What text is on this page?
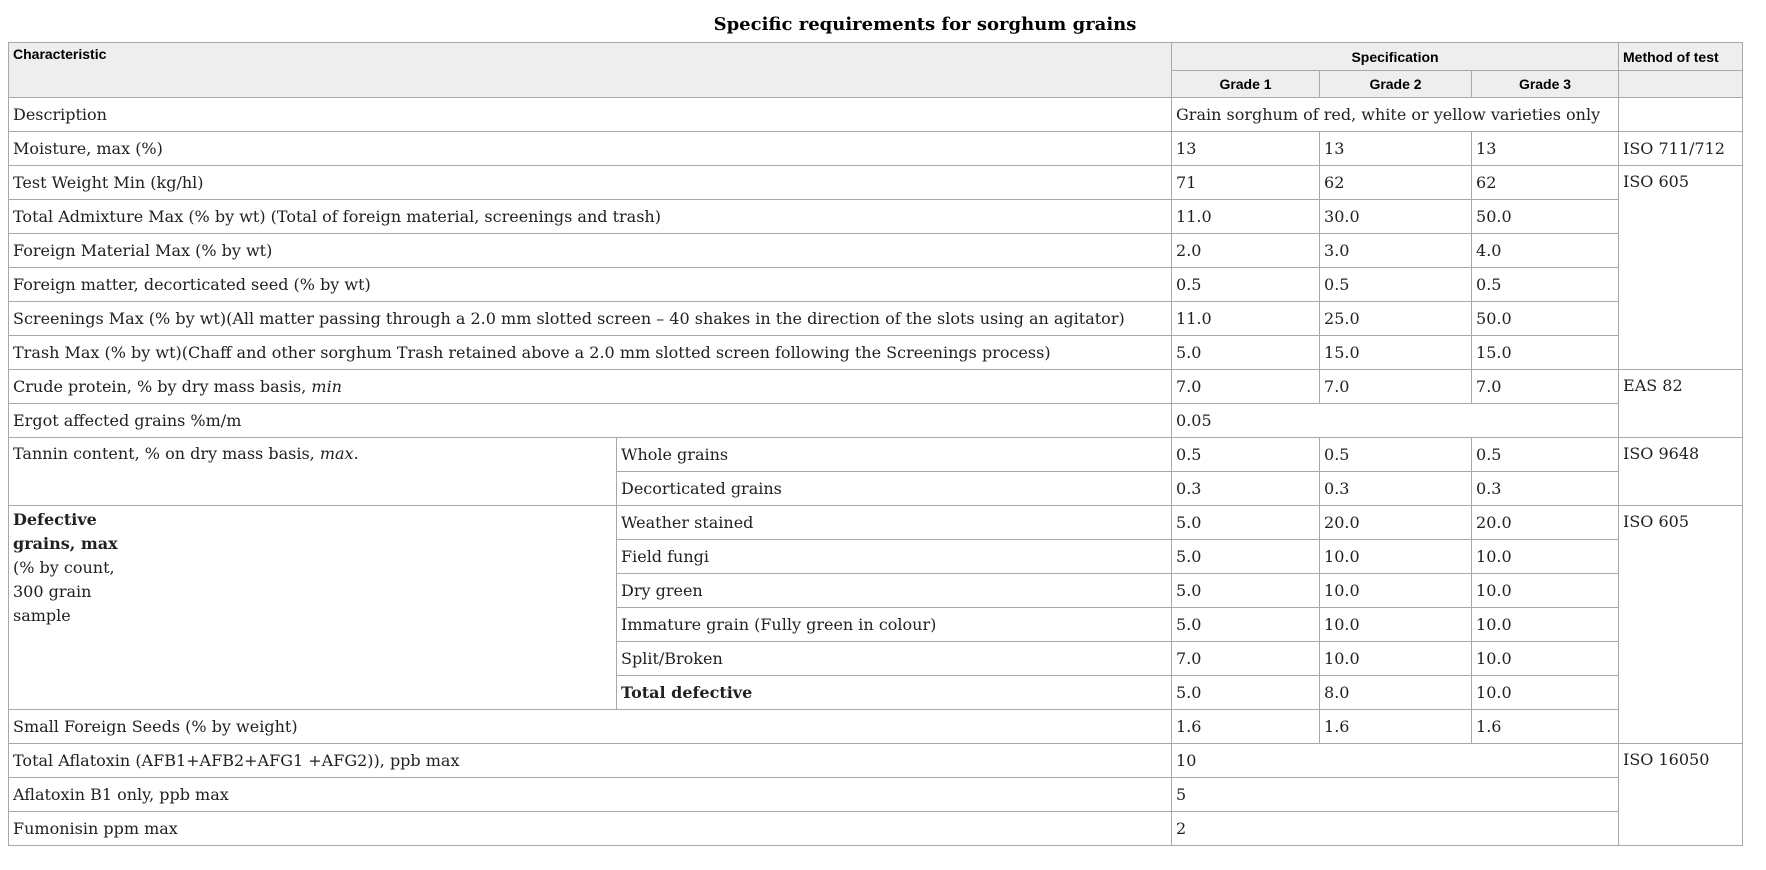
Specific requirements for sorghum grains
Characteristic		Specification			Method of test
		Grade 1	Grade 2	Grade 3	
Description		Grain sorghum of red, white or yellow varieties only			
Moisture, max (%)		13	13	13	ISO 711/712
Test Weight Min (kg/hl)		71	62	62	ISO 605
Total Admixture Max (% by wt) (Total of foreign material, screenings and trash)		11.0	30.0	50.0	
Foreign Material Max (% by wt)		2.0	3.0	4.0	
Foreign matter, decorticated seed (% by wt)		0.5	0.5	0.5	
Screenings Max (% by wt)(All matter passing through a 2.0 mm slotted screen – 40 shakes in the direction of the slots using an agitator)		11.0	25.0	50.0	
Trash Max (% by wt)(Chaff and other sorghum Trash retained above a 2.0 mm slotted screen following the Screenings process)		5.0	15.0	15.0	
Crude protein, % by dry mass basis, min		7.0	7.0	7.0	EAS 82
Ergot affected grains %m/m		0.05			
Tannin content, % on dry mass basis, max.	Whole grains	0.5	0.5	0.5	ISO 9648
	Decorticated grains	0.3	0.3	0.3	

Defective
grains, max
(% by count,
300 grain
sample	Weather stained	5.0	20.0	20.0	ISO 605
	Field fungi	5.0	10.0	10.0	
	Dry green	5.0	10.0	10.0	
	Immature grain (Fully green in colour)	5.0	10.0	10.0	
	Split/Broken	7.0	10.0	10.0	
	Total defective	5.0	8.0	10.0	
Small Foreign Seeds (% by weight)		1.6	1.6	1.6	
Total Aflatoxin (AFB1+AFB2+AFG1 +AFG2)), ppb max		10			ISO 16050
Aflatoxin B1 only, ppb max		5			
Fumonisin ppm max		2			
